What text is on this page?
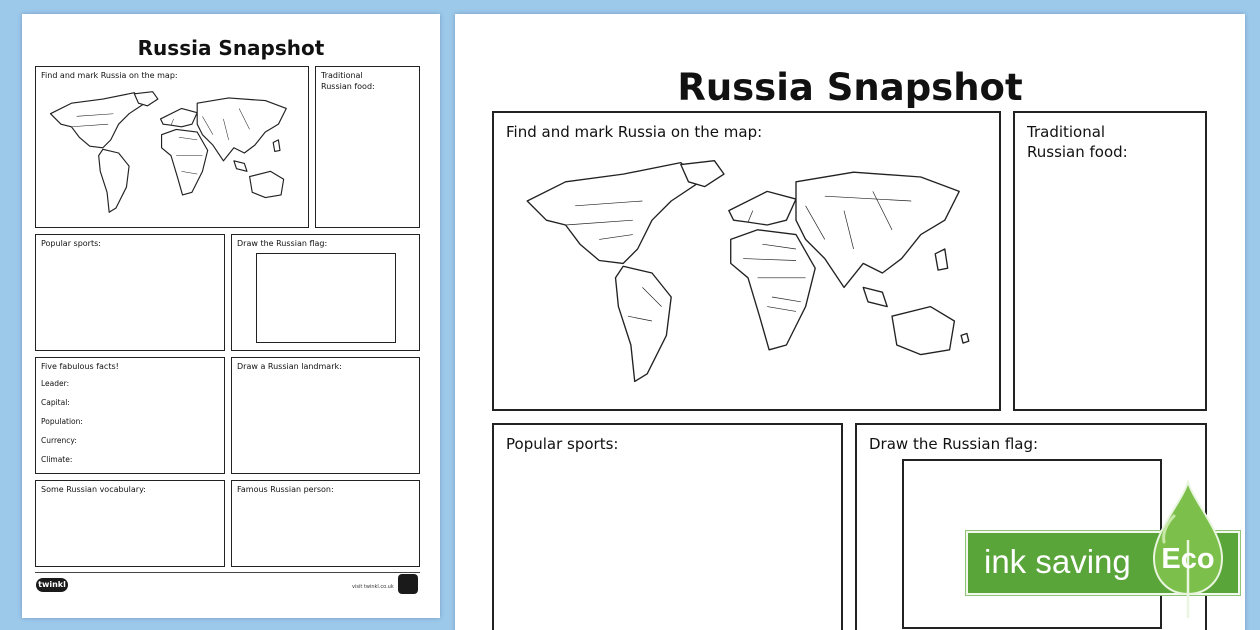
Russia Snapshot
Find and mark Russia on the map:	Traditional
Russian food:
Popular sports:	Draw the Russian flag:
Five fabulous facts!
Leader:
Capital:
Population:
Currency:
Climate:
Draw a Russian landmark:
Some Russian vocabulary:	Famous Russian person:
twinkl	visit twinkl.co.uk
Russia Snapshot
Find and mark Russia on the map:	Traditional
Russian food:
Popular sports:	Draw the Russian flag:
ink saving Eco
